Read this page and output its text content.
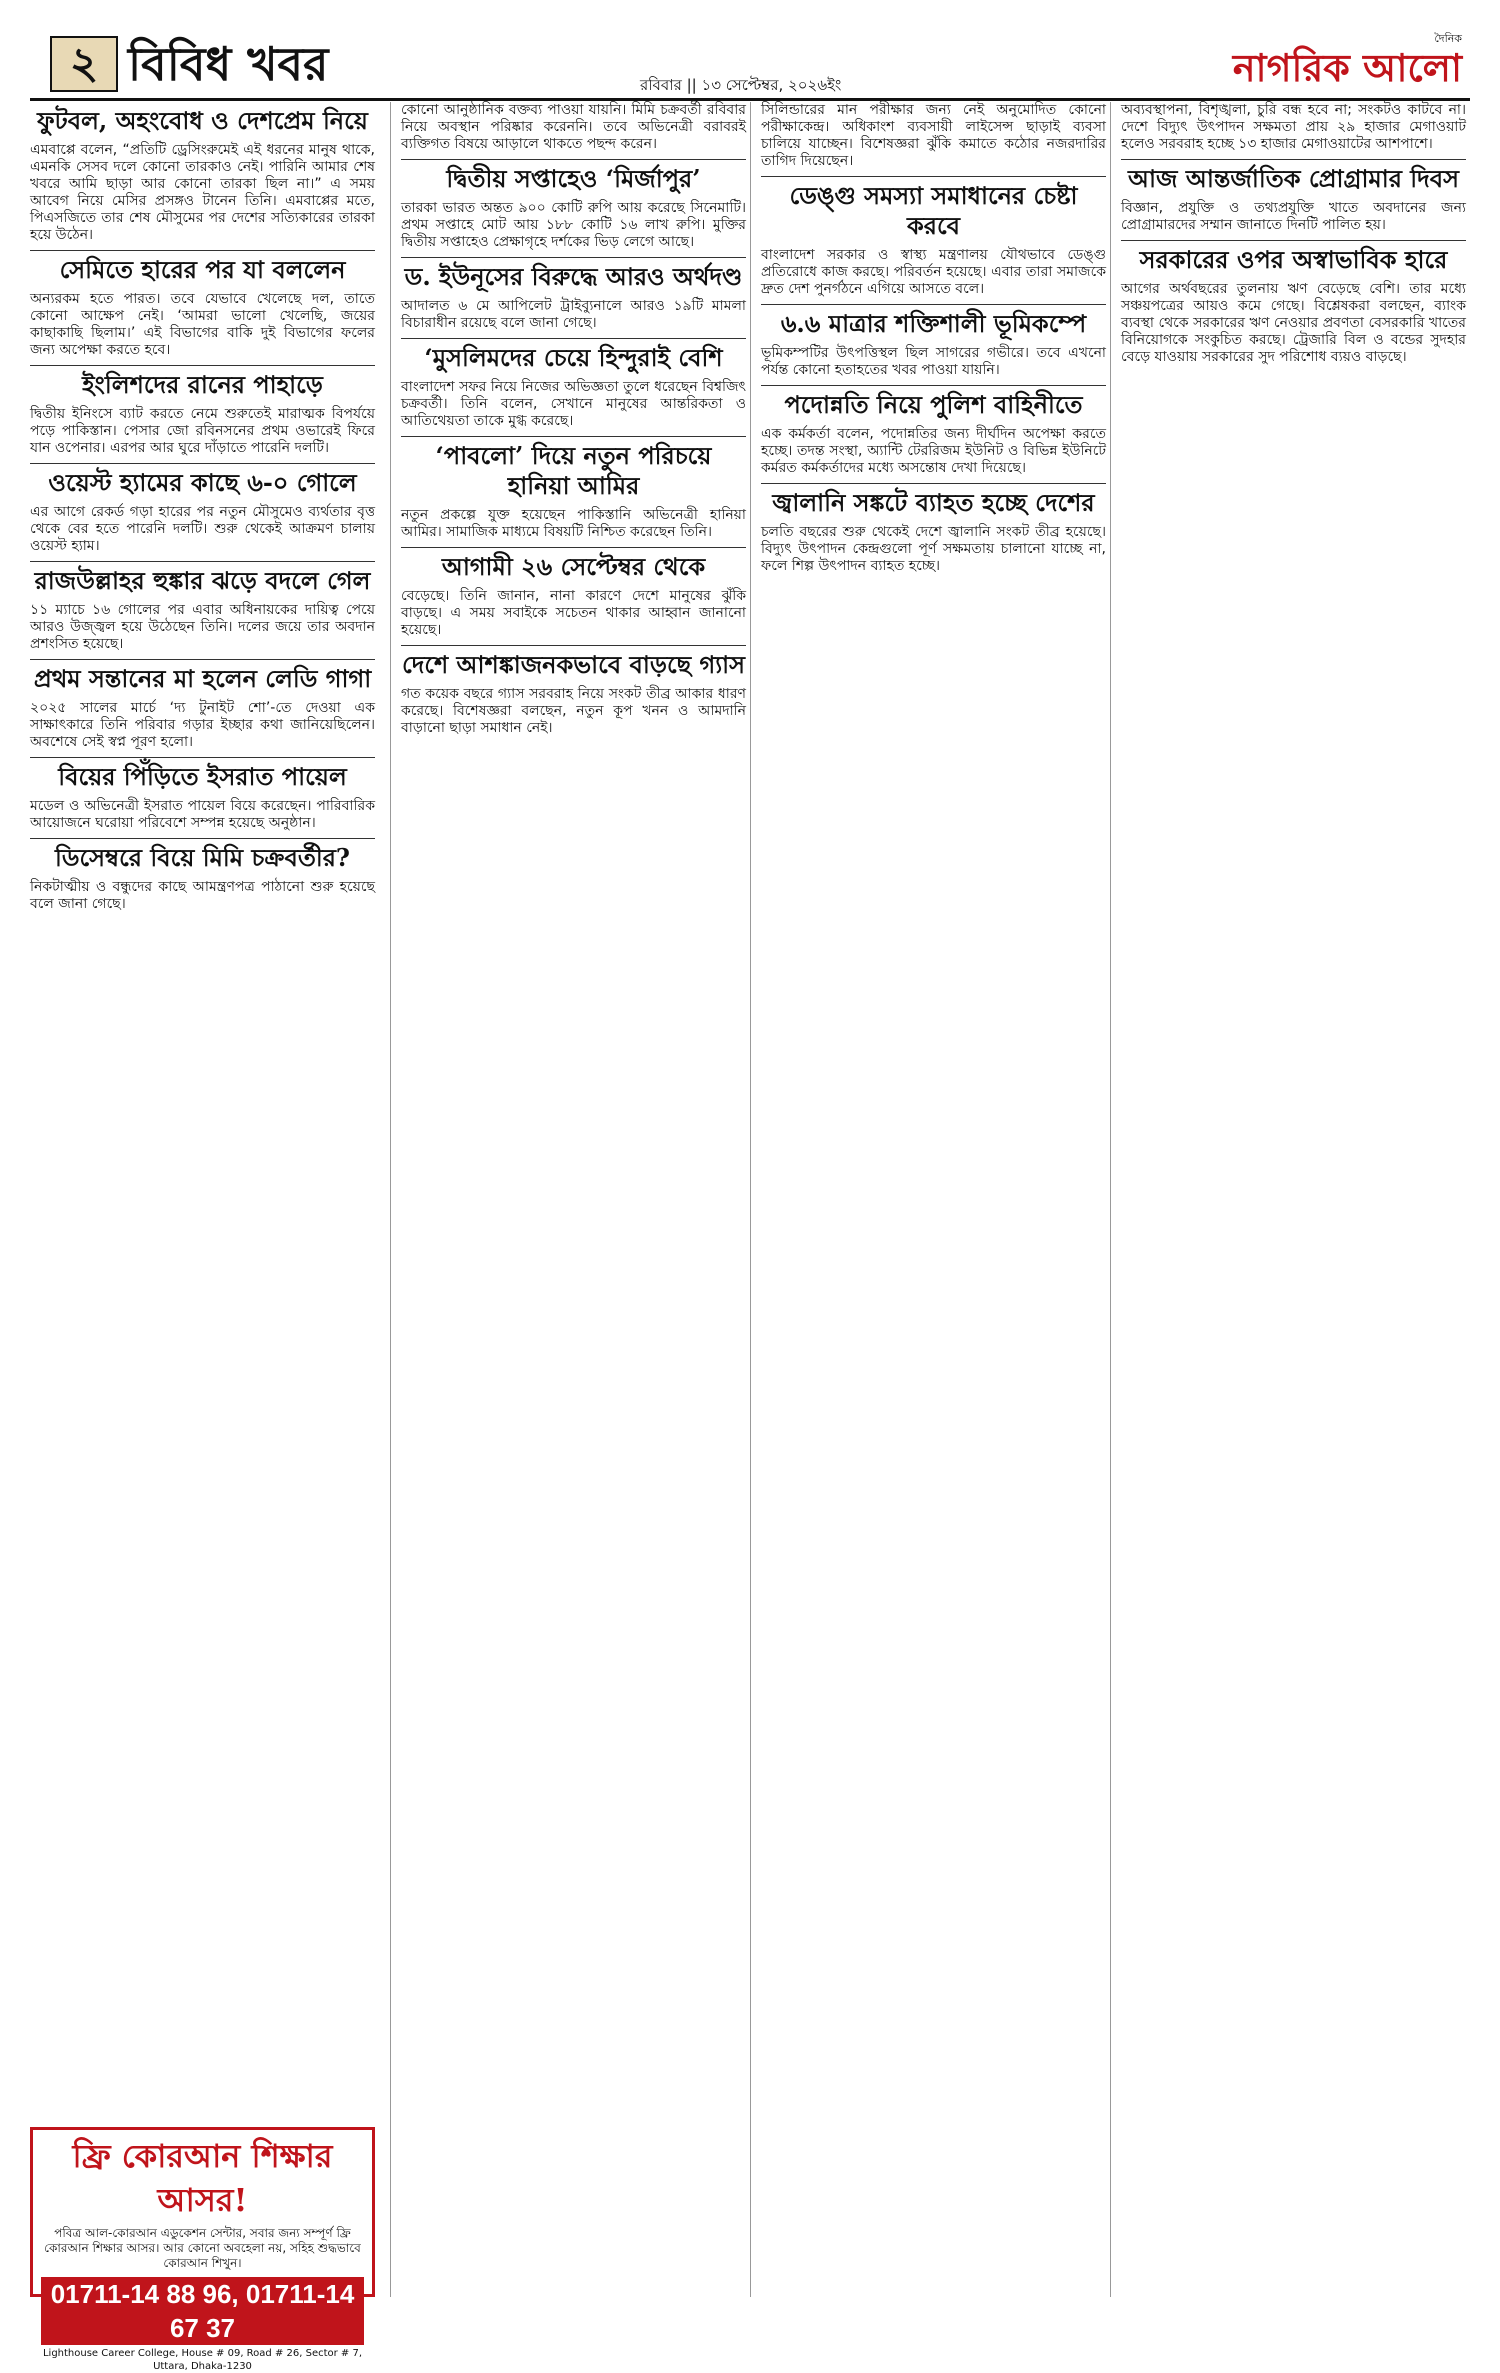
২ বিবিধ খবর	রবিবার || ১৩ সেপ্টেম্বর, ২০২৬ইং
দৈনিক
নাগরিক আলো
ফুটবল, অহংবোধ ও দেশপ্রেম নিয়ে

এমবাপ্পে বলেন, “প্রতিটি ড্রেসিংরুমেই এই ধরনের মানুষ থাকে, এমনকি সেসব দলে কোনো তারকাও নেই। পারিনি আমার শেষ খবরে আমি ছাড়া আর কোনো তারকা ছিল না।” এ সময় আবেগ নিয়ে মেসির প্রসঙ্গও টানেন তিনি। এমবাপ্পের মতে, পিএসজিতে তার শেষ মৌসুমের পর দেশের সত্যিকারের তারকা হয়ে উঠেন।

সেমিতে হারের পর যা বললেন

অন্যরকম হতে পারত। তবে যেভাবে খেলেছে দল, তাতে কোনো আক্ষেপ নেই। ‘আমরা ভালো খেলেছি, জয়ের কাছাকাছি ছিলাম।’ এই বিভাগের বাকি দুই বিভাগের ফলের জন্য অপেক্ষা করতে হবে।

ইংলিশদের রানের পাহাড়ে

দ্বিতীয় ইনিংসে ব্যাট করতে নেমে শুরুতেই মারাত্মক বিপর্যয়ে পড়ে পাকিস্তান। পেসার জো রবিনসনের প্রথম ওভারেই ফিরে যান ওপেনার। এরপর আর ঘুরে দাঁড়াতে পারেনি দলটি।

ওয়েস্ট হ্যামের কাছে ৬-০ গোলে

এর আগে রেকর্ড গড়া হারের পর নতুন মৌসুমেও ব্যর্থতার বৃত্ত থেকে বের হতে পারেনি দলটি। শুরু থেকেই আক্রমণ চালায় ওয়েস্ট হ্যাম।

রাজউল্লাহর হুঙ্কার ঝড়ে বদলে গেল

১১ ম্যাচে ১৬ গোলের পর এবার অধিনায়কের দায়িত্ব পেয়ে আরও উজ্জ্বল হয়ে উঠেছেন তিনি। দলের জয়ে তার অবদান প্রশংসিত হয়েছে।

প্রথম সন্তানের মা হলেন লেডি গাগা

২০২৫ সালের মার্চে ‘দ্য টুনাইট শো’-তে দেওয়া এক সাক্ষাৎকারে তিনি পরিবার গড়ার ইচ্ছার কথা জানিয়েছিলেন। অবশেষে সেই স্বপ্ন পূরণ হলো।

বিয়ের পিঁড়িতে ইসরাত পায়েল

মডেল ও অভিনেত্রী ইসরাত পায়েল বিয়ে করেছেন। পারিবারিক আয়োজনে ঘরোয়া পরিবেশে সম্পন্ন হয়েছে অনুষ্ঠান।

ডিসেম্বরে বিয়ে মিমি চক্রবর্তীর?

নিকটাত্মীয় ও বন্ধুদের কাছে আমন্ত্রণপত্র পাঠানো শুরু হয়েছে বলে জানা গেছে।

ফ্রি কোরআন শিক্ষার আসর!
পবিত্র আল-কোরআন এডুকেশন সেন্টার, সবার জন্য সম্পূর্ণ ফ্রি কোরআন শিক্ষার আসর। আর কোনো অবহেলা নয়, সহিহ শুদ্ধভাবে কোরআন শিখুন।
01711-14 88 96, 01711-14 67 37
Lighthouse Career College, House # 09, Road # 26, Sector # 7, Uttara, Dhaka-1230

কোনো আনুষ্ঠানিক বক্তব্য পাওয়া যায়নি। মিমি চক্রবর্তী রবিবার নিয়ে অবস্থান পরিষ্কার করেননি। তবে অভিনেত্রী বরাবরই ব্যক্তিগত বিষয়ে আড়ালে থাকতে পছন্দ করেন।

দ্বিতীয় সপ্তাহেও ‘মির্জাপুর’

তারকা ভারত অন্তত ৯০০ কোটি রুপি আয় করেছে সিনেমাটি। প্রথম সপ্তাহে মোট আয় ১৮৮ কোটি ১৬ লাখ রুপি। মুক্তির দ্বিতীয় সপ্তাহেও প্রেক্ষাগৃহে দর্শকের ভিড় লেগে আছে।

ড. ইউনূসের বিরুদ্ধে আরও অর্থদণ্ড

আদালত ৬ মে আপিলেট ট্রাইব্যুনালে আরও ১৯টি মামলা বিচারাধীন রয়েছে বলে জানা গেছে।

‘মুসলিমদের চেয়ে হিন্দুরাই বেশি

বাংলাদেশ সফর নিয়ে নিজের অভিজ্ঞতা তুলে ধরেছেন বিশ্বজিৎ চক্রবর্তী। তিনি বলেন, সেখানে মানুষের আন্তরিকতা ও আতিথেয়তা তাকে মুগ্ধ করেছে।

‘পাবলো’ দিয়ে নতুন পরিচয়ে হানিয়া আমির

নতুন প্রকল্পে যুক্ত হয়েছেন পাকিস্তানি অভিনেত্রী হানিয়া আমির। সামাজিক মাধ্যমে বিষয়টি নিশ্চিত করেছেন তিনি।

আগামী ২৬ সেপ্টেম্বর থেকে

বেড়েছে। তিনি জানান, নানা কারণে দেশে মানুষের ঝুঁকি বাড়ছে। এ সময় সবাইকে সচেতন থাকার আহ্বান জানানো হয়েছে।

দেশে আশঙ্কাজনকভাবে বাড়ছে গ্যাস

গত কয়েক বছরে গ্যাস সরবরাহ নিয়ে সংকট তীব্র আকার ধারণ করেছে। বিশেষজ্ঞরা বলছেন, নতুন কূপ খনন ও আমদানি বাড়ানো ছাড়া সমাধান নেই।

সিলিন্ডারের মান পরীক্ষার জন্য নেই অনুমোদিত কোনো পরীক্ষাকেন্দ্র। অধিকাংশ ব্যবসায়ী লাইসেন্স ছাড়াই ব্যবসা চালিয়ে যাচ্ছেন। বিশেষজ্ঞরা ঝুঁকি কমাতে কঠোর নজরদারির তাগিদ দিয়েছেন।

ডেঙ্গু সমস্যা সমাধানের চেষ্টা করবে

বাংলাদেশ সরকার ও স্বাস্থ্য মন্ত্রণালয় যৌথভাবে ডেঙ্গু প্রতিরোধে কাজ করছে। পরিবর্তন হয়েছে। এবার তারা সমাজকে দ্রুত দেশ পুনর্গঠনে এগিয়ে আসতে বলে।

৬.৬ মাত্রার শক্তিশালী ভূমিকম্পে

ভূমিকম্পটির উৎপত্তিস্থল ছিল সাগরের গভীরে। তবে এখনো পর্যন্ত কোনো হতাহতের খবর পাওয়া যায়নি।

পদোন্নতি নিয়ে পুলিশ বাহিনীতে

এক কর্মকর্তা বলেন, পদোন্নতির জন্য দীর্ঘদিন অপেক্ষা করতে হচ্ছে। তদন্ত সংস্থা, অ্যান্টি টেররিজম ইউনিট ও বিভিন্ন ইউনিটে কর্মরত কর্মকর্তাদের মধ্যে অসন্তোষ দেখা দিয়েছে।

জ্বালানি সঙ্কটে ব্যাহত হচ্ছে দেশের

চলতি বছরের শুরু থেকেই দেশে জ্বালানি সংকট তীব্র হয়েছে। বিদ্যুৎ উৎপাদন কেন্দ্রগুলো পূর্ণ সক্ষমতায় চালানো যাচ্ছে না, ফলে শিল্প উৎপাদন ব্যাহত হচ্ছে।

অব্যবস্থাপনা, বিশৃঙ্খলা, চুরি বন্ধ হবে না; সংকটও কাটবে না। দেশে বিদ্যুৎ উৎপাদন সক্ষমতা প্রায় ২৯ হাজার মেগাওয়াট হলেও সরবরাহ হচ্ছে ১৩ হাজার মেগাওয়াটের আশপাশে।

আজ আন্তর্জাতিক প্রোগ্রামার দিবস

বিজ্ঞান, প্রযুক্তি ও তথ্যপ্রযুক্তি খাতে অবদানের জন্য প্রোগ্রামারদের সম্মান জানাতে দিনটি পালিত হয়।

সরকারের ওপর অস্বাভাবিক হারে

আগের অর্থবছরের তুলনায় ঋণ বেড়েছে বেশি। তার মধ্যে সঞ্চয়পত্রের আয়ও কমে গেছে। বিশ্লেষকরা বলছেন, ব্যাংক ব্যবস্থা থেকে সরকারের ঋণ নেওয়ার প্রবণতা বেসরকারি খাতের বিনিয়োগকে সংকুচিত করছে। ট্রেজারি বিল ও বন্ডের সুদহার বেড়ে যাওয়ায় সরকারের সুদ পরিশোধ ব্যয়ও বাড়ছে।
